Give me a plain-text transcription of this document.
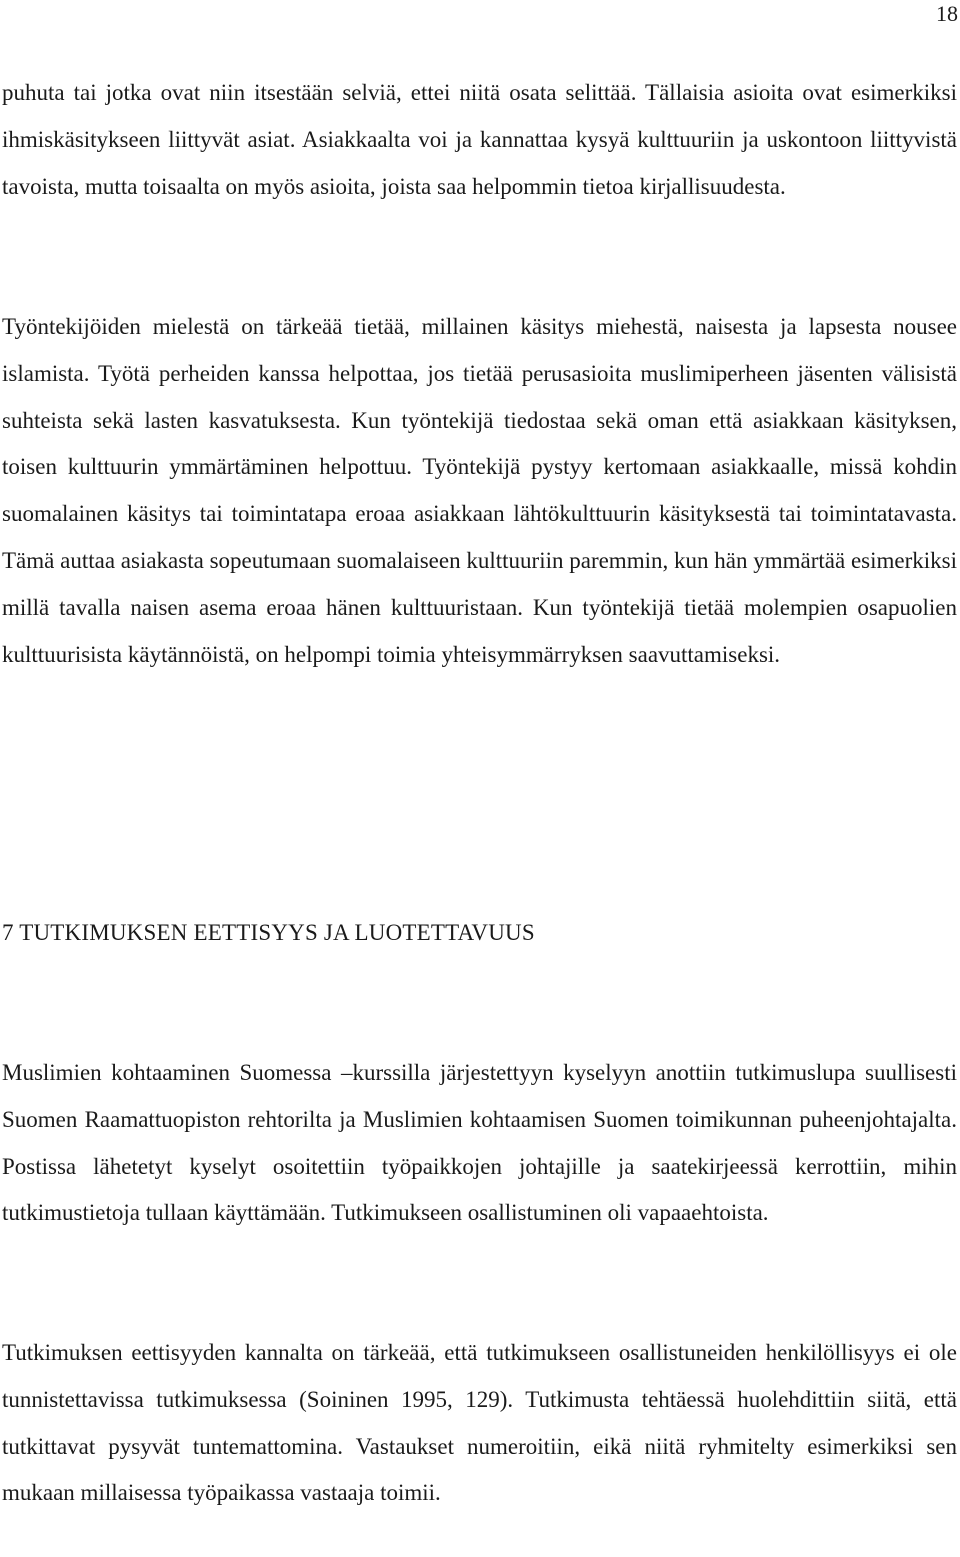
18

puhuta tai jotka ovat niin itsestään selviä, ettei niitä osata selittää. Tällaisia asioita ovat esimerkiksi ihmiskäsitykseen liittyvät asiat. Asiakkaalta voi ja kannattaa kysyä kulttuuriin ja uskontoon liittyvistä tavoista, mutta toisaalta on myös asioita, joista saa helpommin tietoa kirjallisuudesta.

Työntekijöiden mielestä on tärkeää tietää, millainen käsitys miehestä, naisesta ja lapsesta nousee islamista. Työtä perheiden kanssa helpottaa, jos tietää perusasioita muslimiperheen jäsenten välisistä suhteista sekä lasten kasvatuksesta. Kun työntekijä tiedostaa sekä oman että asiakkaan käsityksen, toisen kulttuurin ymmärtäminen helpottuu. Työntekijä pystyy kertomaan asiakkaalle, missä kohdin suomalainen käsitys tai toimintatapa eroaa asiakkaan lähtökulttuurin käsityksestä tai toimintatavasta. Tämä auttaa asiakasta sopeutumaan suomalaiseen kulttuuriin paremmin, kun hän ymmärtää esimerkiksi millä tavalla naisen asema eroaa hänen kulttuuristaan. Kun työntekijä tietää molempien osapuolien kulttuurisista käytännöistä, on helpompi toimia yhteisymmärryksen saavuttamiseksi.

7 TUTKIMUKSEN EETTISYYS JA LUOTETTAVUUS

Muslimien kohtaaminen Suomessa –kurssilla järjestettyyn kyselyyn anottiin tutkimuslupa suullisesti Suomen Raamattuopiston rehtorilta ja Muslimien kohtaamisen Suomen toimikunnan puheenjohtajalta. Postissa lähetetyt kyselyt osoitettiin työpaikkojen johtajille ja saatekirjeessä kerrottiin, mihin tutkimustietoja tullaan käyttämään. Tutkimukseen osallistuminen oli vapaaehtoista.

Tutkimuksen eettisyyden kannalta on tärkeää, että tutkimukseen osallistuneiden henkilöllisyys ei ole tunnistettavissa tutkimuksessa (Soininen 1995, 129). Tutkimusta tehtäessä huolehdittiin siitä, että tutkittavat pysyvät tuntemattomina. Vastaukset numeroitiin, eikä niitä ryhmitelty esimerkiksi sen mukaan millaisessa työpaikassa vastaaja toimii.
